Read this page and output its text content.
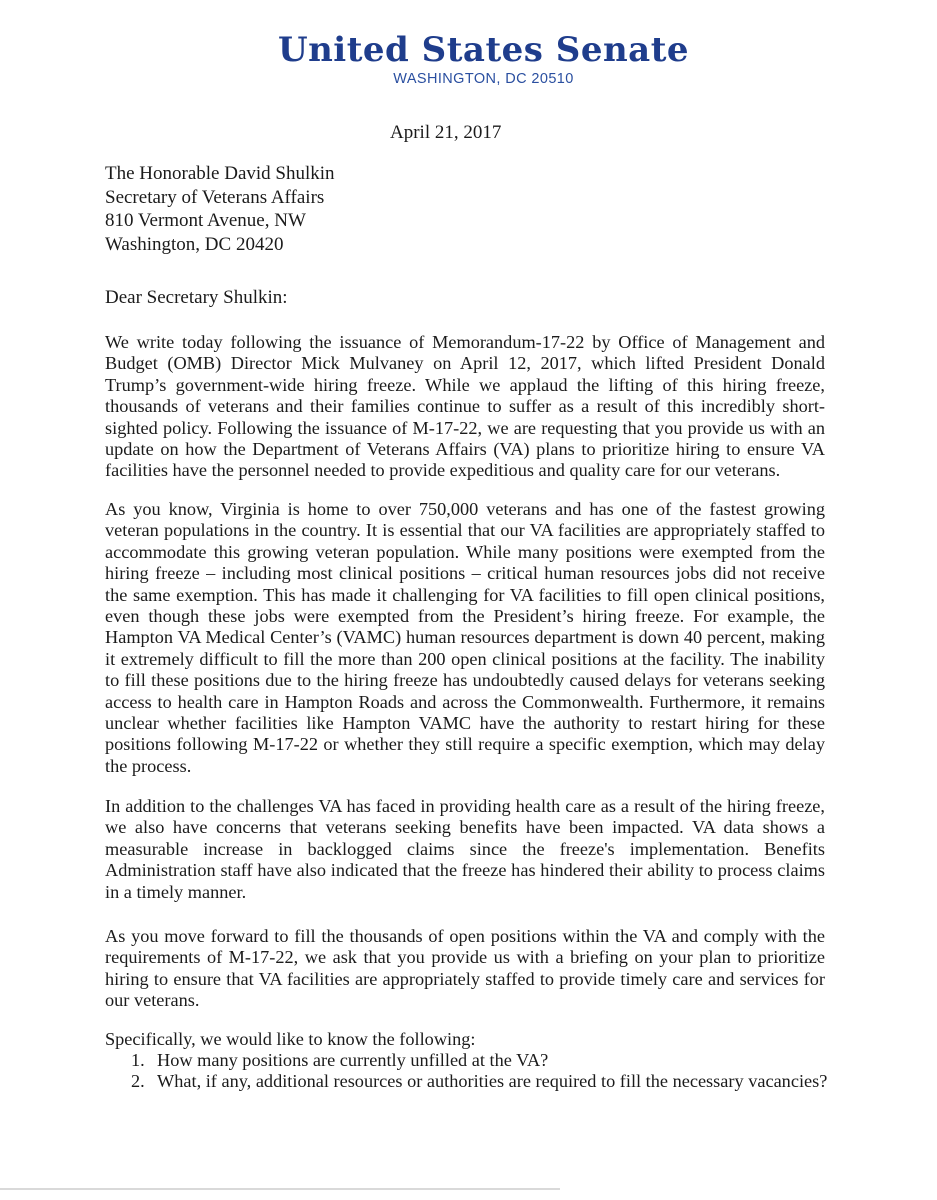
United States Senate
WASHINGTON, DC 20510
April 21, 2017
The Honorable David Shulkin
Secretary of Veterans Affairs
810 Vermont Avenue, NW
Washington, DC 20420
Dear Secretary Shulkin:
We write today following the issuance of Memorandum-17-22 by Office of Management and Budget (OMB) Director Mick Mulvaney on April 12, 2017, which lifted President Donald Trump’s government-wide hiring freeze. While we applaud the lifting of this hiring freeze, thousands of veterans and their families continue to suffer as a result of this incredibly short-sighted policy. Following the issuance of M-17-22, we are requesting that you provide us with an update on how the Department of Veterans Affairs (VA) plans to prioritize hiring to ensure VA facilities have the personnel needed to provide expeditious and quality care for our veterans.
As you know, Virginia is home to over 750,000 veterans and has one of the fastest growing veteran populations in the country. It is essential that our VA facilities are appropriately staffed to accommodate this growing veteran population. While many positions were exempted from the hiring freeze – including most clinical positions – critical human resources jobs did not receive the same exemption. This has made it challenging for VA facilities to fill open clinical positions, even though these jobs were exempted from the President’s hiring freeze. For example, the Hampton VA Medical Center’s (VAMC) human resources department is down 40 percent, making it extremely difficult to fill the more than 200 open clinical positions at the facility. The inability to fill these positions due to the hiring freeze has undoubtedly caused delays for veterans seeking access to health care in Hampton Roads and across the Commonwealth. Furthermore, it remains unclear whether facilities like Hampton VAMC have the authority to restart hiring for these positions following M-17-22 or whether they still require a specific exemption, which may delay the process.
In addition to the challenges VA has faced in providing health care as a result of the hiring freeze, we also have concerns that veterans seeking benefits have been impacted. VA data shows a measurable increase in backlogged claims since the freeze's implementation. Benefits Administration staff have also indicated that the freeze has hindered their ability to process claims in a timely manner.
As you move forward to fill the thousands of open positions within the VA and comply with the requirements of M-17-22, we ask that you provide us with a briefing on your plan to prioritize hiring to ensure that VA facilities are appropriately staffed to provide timely care and services for our veterans.
Specifically, we would like to know the following:
1. How many positions are currently unfilled at the VA?
2. What, if any, additional resources or authorities are required to fill the necessary vacancies?
